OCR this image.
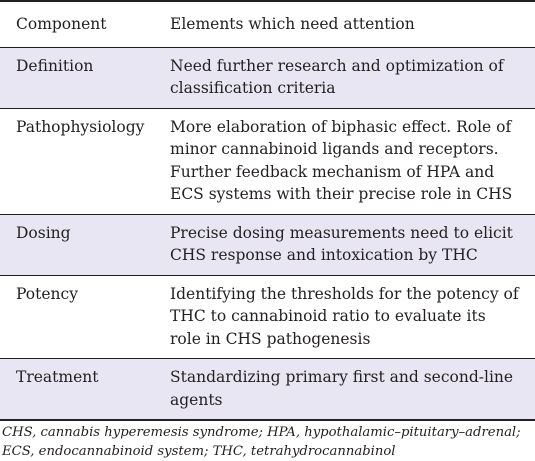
Component	Elements which need attention
Definition	Need further research and optimization of classification criteria
Pathophysiology	More elaboration of biphasic effect. Role of minor cannabinoid ligands and receptors. Further feedback mechanism of HPA and ECS systems with their precise role in CHS
Dosing	Precise dosing measurements need to elicit CHS response and intoxication by THC
Potency	Identifying the thresholds for the potency of THC to cannabinoid ratio to evaluate its role in CHS pathogenesis
Treatment	Standardizing primary first and second-line agents
CHS, cannabis hyperemesis syndrome; HPA, hypothalamic–pituitary–adrenal; ECS, endocannabinoid system; THC, tetrahydrocannabinol
